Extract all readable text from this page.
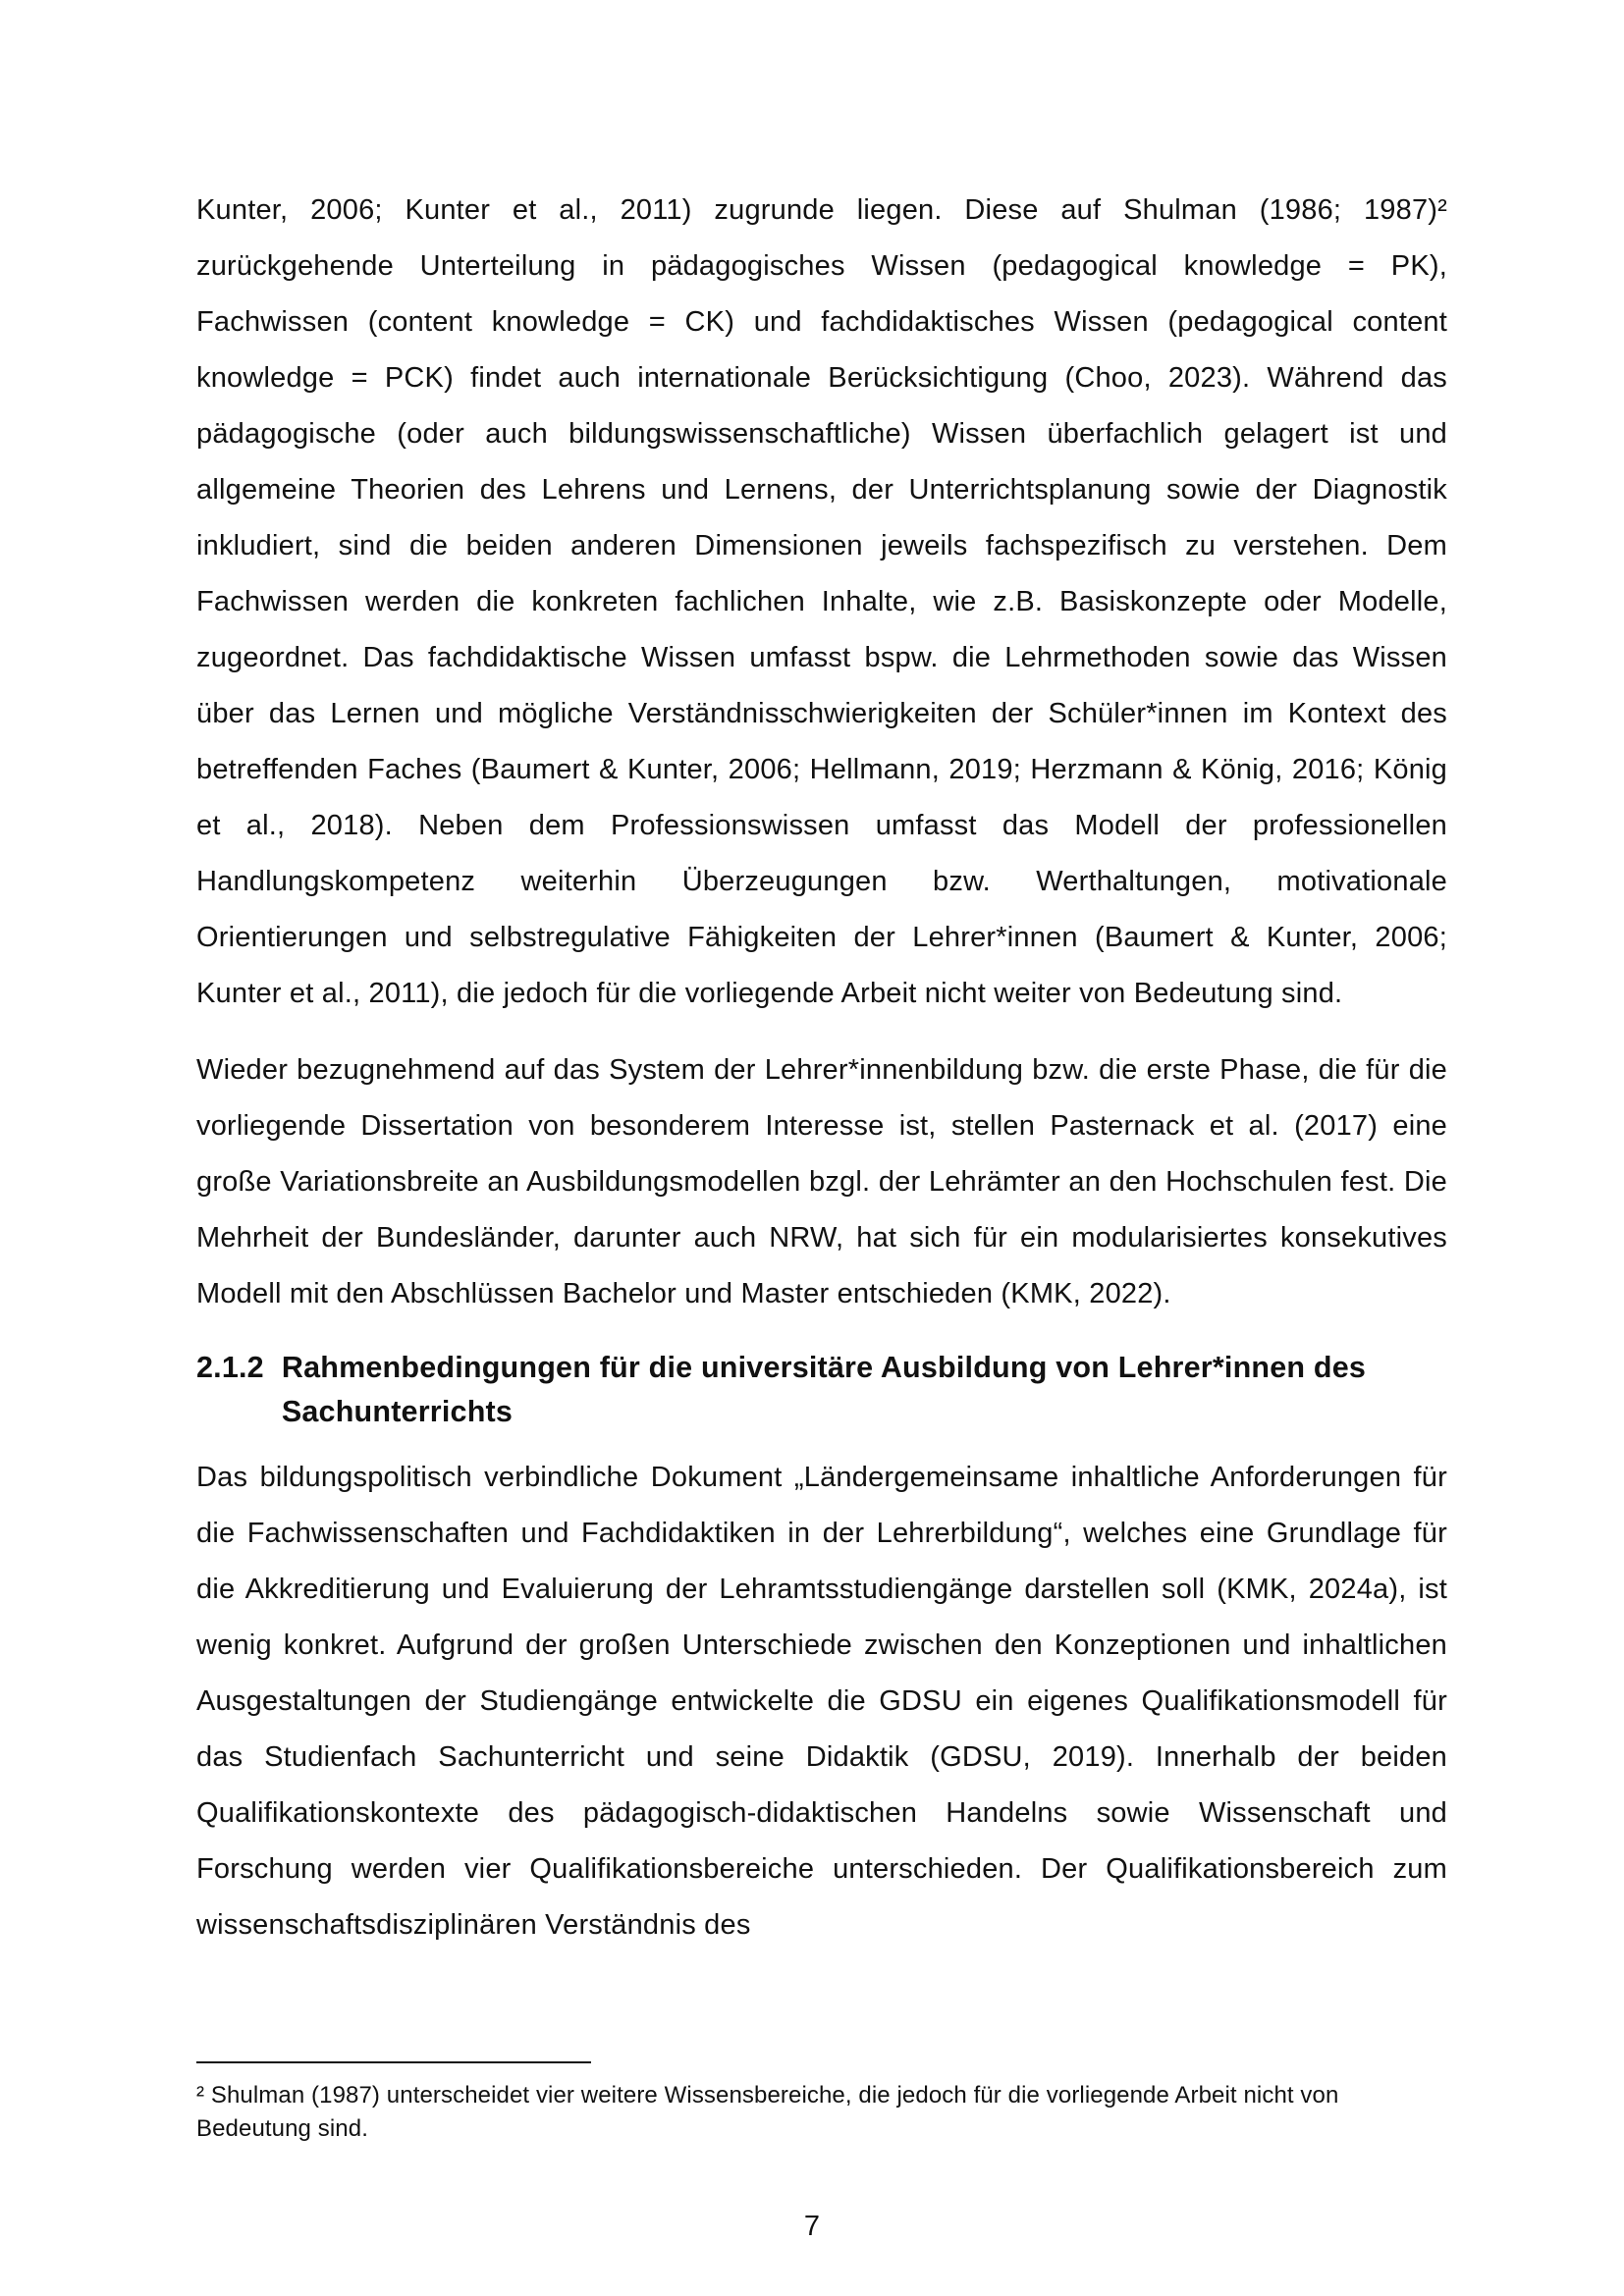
Kunter, 2006; Kunter et al., 2011) zugrunde liegen. Diese auf Shulman (1986; 1987)² zurückgehende Unterteilung in pädagogisches Wissen (pedagogical knowledge = PK), Fachwissen (content knowledge = CK) und fachdidaktisches Wissen (pedagogical content knowledge = PCK) findet auch internationale Berücksichtigung (Choo, 2023). Während das pädagogische (oder auch bildungswissenschaftliche) Wissen überfachlich gelagert ist und allgemeine Theorien des Lehrens und Lernens, der Unterrichtsplanung sowie der Diagnostik inkludiert, sind die beiden anderen Dimensionen jeweils fachspezifisch zu verstehen. Dem Fachwissen werden die konkreten fachlichen Inhalte, wie z.B. Basiskonzepte oder Modelle, zugeordnet. Das fachdidaktische Wissen umfasst bspw. die Lehrmethoden sowie das Wissen über das Lernen und mögliche Verständnisschwierigkeiten der Schüler*innen im Kontext des betreffenden Faches (Baumert & Kunter, 2006; Hellmann, 2019; Herzmann & König, 2016; König et al., 2018). Neben dem Professionswissen umfasst das Modell der professionellen Handlungskompetenz weiterhin Überzeugungen bzw. Werthaltungen, motivationale Orientierungen und selbstregulative Fähigkeiten der Lehrer*innen (Baumert & Kunter, 2006; Kunter et al., 2011), die jedoch für die vorliegende Arbeit nicht weiter von Bedeutung sind.

Wieder bezugnehmend auf das System der Lehrer*innenbildung bzw. die erste Phase, die für die vorliegende Dissertation von besonderem Interesse ist, stellen Pasternack et al. (2017) eine große Variationsbreite an Ausbildungsmodellen bzgl. der Lehrämter an den Hochschulen fest. Die Mehrheit der Bundesländer, darunter auch NRW, hat sich für ein modularisiertes konsekutives Modell mit den Abschlüssen Bachelor und Master entschieden (KMK, 2022).

2.1.2 Rahmenbedingungen für die universitäre Ausbildung von Lehrer*innen des Sachunterrichts

Das bildungspolitisch verbindliche Dokument „Ländergemeinsame inhaltliche Anforderungen für die Fachwissenschaften und Fachdidaktiken in der Lehrerbildung“, welches eine Grundlage für die Akkreditierung und Evaluierung der Lehramtsstudiengänge darstellen soll (KMK, 2024a), ist wenig konkret. Aufgrund der großen Unterschiede zwischen den Konzeptionen und inhaltlichen Ausgestaltungen der Studiengänge entwickelte die GDSU ein eigenes Qualifikationsmodell für das Studienfach Sachunterricht und seine Didaktik (GDSU, 2019). Innerhalb der beiden Qualifikationskontexte des pädagogisch-didaktischen Handelns sowie Wissenschaft und Forschung werden vier Qualifikationsbereiche unterschieden. Der Qualifikationsbereich zum wissenschaftsdisziplinären Verständnis des

² Shulman (1987) unterscheidet vier weitere Wissensbereiche, die jedoch für die vorliegende Arbeit nicht von Bedeutung sind.

7
